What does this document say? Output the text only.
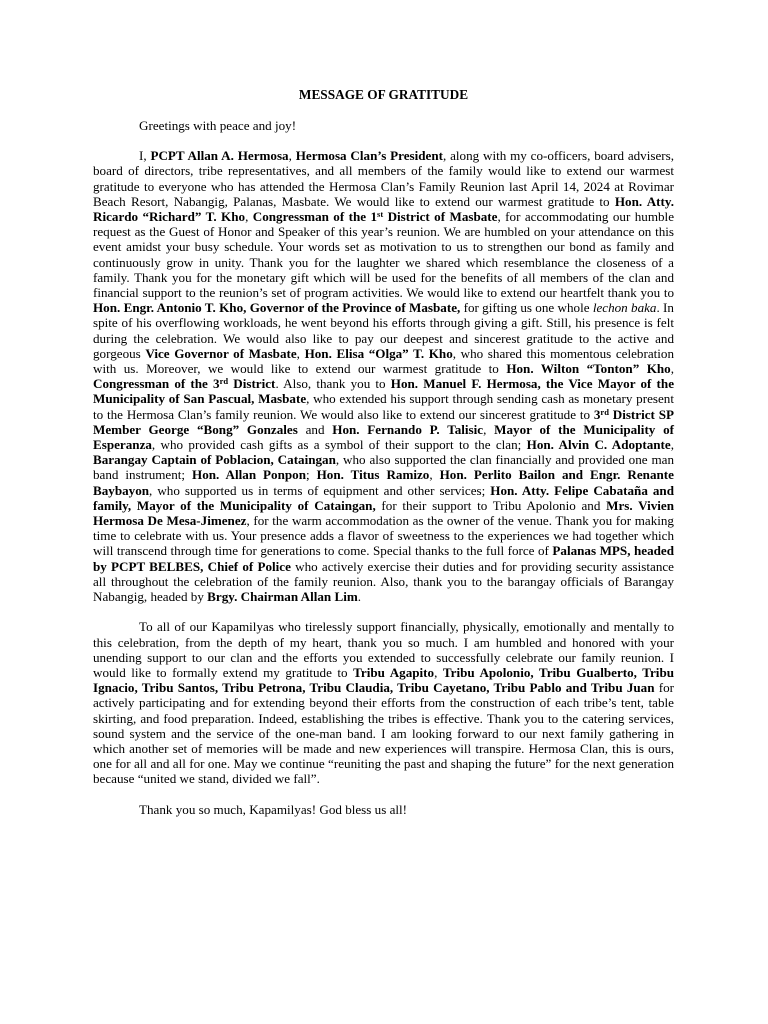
MESSAGE OF GRATITUDE

Greetings with peace and joy!

I, PCPT Allan A. Hermosa, Hermosa Clan’s President, along with my co-officers, board advisers, board of directors, tribe representatives, and all members of the family would like to extend our warmest gratitude to everyone who has attended the Hermosa Clan’s Family Reunion last April 14, 2024 at Rovimar Beach Resort, Nabangig, Palanas, Masbate. We would like to extend our warmest gratitude to Hon. Atty. Ricardo “Richard” T. Kho, Congressman of the 1st District of Masbate, for accommodating our humble request as the Guest of Honor and Speaker of this year’s reunion. We are humbled on your attendance on this event amidst your busy schedule. Your words set as motivation to us to strengthen our bond as family and continuously grow in unity. Thank you for the laughter we shared which resemblance the closeness of a family. Thank you for the monetary gift which will be used for the benefits of all members of the clan and financial support to the reunion’s set of program activities. We would like to extend our heartfelt thank you to Hon. Engr. Antonio T. Kho, Governor of the Province of Masbate, for gifting us one whole lechon baka. In spite of his overflowing workloads, he went beyond his efforts through giving a gift. Still, his presence is felt during the celebration. We would also like to pay our deepest and sincerest gratitude to the active and gorgeous Vice Governor of Masbate, Hon. Elisa “Olga” T. Kho, who shared this momentous celebration with us. Moreover, we would like to extend our warmest gratitude to Hon. Wilton “Tonton” Kho, Congressman of the 3rd District. Also, thank you to Hon. Manuel F. Hermosa, the Vice Mayor of the Municipality of San Pascual, Masbate, who extended his support through sending cash as monetary present to the Hermosa Clan’s family reunion. We would also like to extend our sincerest gratitude to 3rd District SP Member George “Bong” Gonzales and Hon. Fernando P. Talisic, Mayor of the Municipality of Esperanza, who provided cash gifts as a symbol of their support to the clan; Hon. Alvin C. Adoptante, Barangay Captain of Poblacion, Cataingan, who also supported the clan financially and provided one man band instrument; Hon. Allan Ponpon; Hon. Titus Ramizo, Hon. Perlito Bailon and Engr. Renante Baybayon, who supported us in terms of equipment and other services; Hon. Atty. Felipe Cabataña and family, Mayor of the Municipality of Cataingan, for their support to Tribu Apolonio and Mrs. Vivien Hermosa De Mesa-Jimenez, for the warm accommodation as the owner of the venue. Thank you for making time to celebrate with us. Your presence adds a flavor of sweetness to the experiences we had together which will transcend through time for generations to come. Special thanks to the full force of Palanas MPS, headed by PCPT BELBES, Chief of Police who actively exercise their duties and for providing security assistance all throughout the celebration of the family reunion. Also, thank you to the barangay officials of Barangay Nabangig, headed by Brgy. Chairman Allan Lim.

To all of our Kapamilyas who tirelessly support financially, physically, emotionally and mentally to this celebration, from the depth of my heart, thank you so much. I am humbled and honored with your unending support to our clan and the efforts you extended to successfully celebrate our family reunion. I would like to formally extend my gratitude to Tribu Agapito, Tribu Apolonio, Tribu Gualberto, Tribu Ignacio, Tribu Santos, Tribu Petrona, Tribu Claudia, Tribu Cayetano, Tribu Pablo and Tribu Juan for actively participating and for extending beyond their efforts from the construction of each tribe’s tent, table skirting, and food preparation. Indeed, establishing the tribes is effective. Thank you to the catering services, sound system and the service of the one-man band. I am looking forward to our next family gathering in which another set of memories will be made and new experiences will transpire. Hermosa Clan, this is ours, one for all and all for one. May we continue “reuniting the past and shaping the future” for the next generation because “united we stand, divided we fall”.

Thank you so much, Kapamilyas! God bless us all!
